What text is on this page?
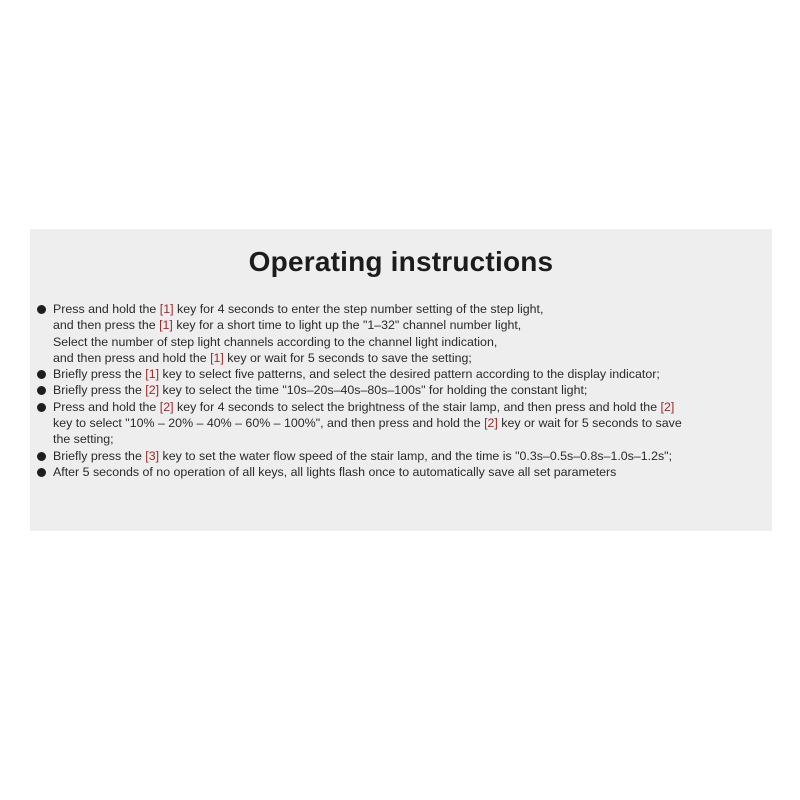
Operating instructions
Press and hold the [1] key for 4 seconds to enter the step number setting of the step light,
and then press the [1] key for a short time to light up the "1–32" channel number light,
Select the number of step light channels according to the channel light indication,
and then press and hold the [1] key or wait for 5 seconds to save the setting;
Briefly press the [1] key to select five patterns, and select the desired pattern according to the display indicator;
Briefly press the [2] key to select the time "10s–20s–40s–80s–100s" for holding the constant light;
Press and hold the [2] key for 4 seconds to select the brightness of the stair lamp, and then press and hold the [2]
key to select "10% – 20% – 40% – 60% – 100%", and then press and hold the [2] key or wait for 5 seconds to save
the setting;
Briefly press the [3] key to set the water flow speed of the stair lamp, and the time is "0.3s–0.5s–0.8s–1.0s–1.2s";
After 5 seconds of no operation of all keys, all lights flash once to automatically save all set parameters
